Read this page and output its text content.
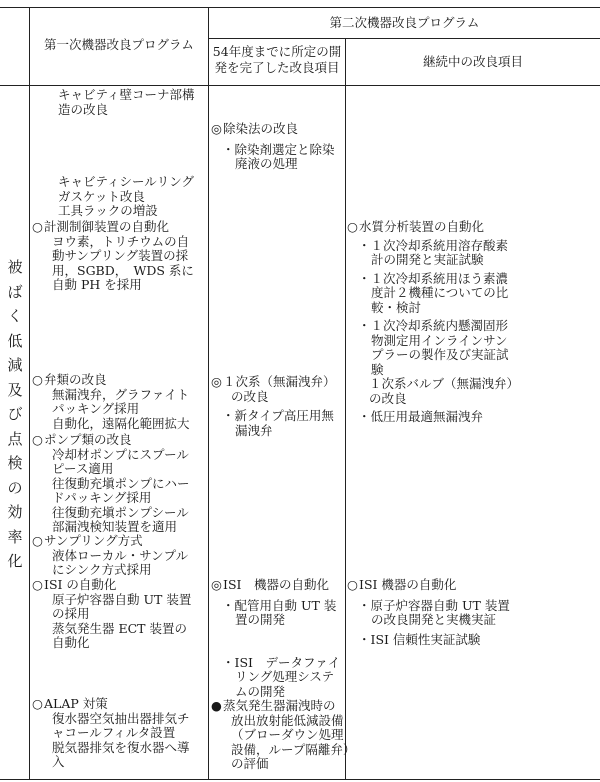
第一次機器改良プログラム
第二次機器改良プログラム
54年度までに所定の開
発を完了した改良項目	継続中の改良項目
被
ば
く
低
減
及
び
点
検
の
効
率
化
キャビティ壁コーナ部構
造の改良
キャビティシールリング
ガスケット改良
工具ラックの増設
○計測制御装置の自動化
ヨウ素，トリチウムの自
動サンプリング装置の採
用，SGBD，　WDS 系に
自動 PH を採用
○弁類の改良
無漏洩弁，グラファイト
パッキング採用
自動化，遠隔化範囲拡大
○ポンプ類の改良
冷却材ポンプにスプール
ピース適用
往復動充塡ポンプにハー
ドパッキング採用
往復動充塡ポンプシール
部漏洩検知装置を適用
○サンプリング方式
液体ローカル・サンプル
にシンク方式採用
○ISI の自動化
原子炉容器自動 UT 装置
の採用
蒸気発生器 ECT 装置の
自動化
○ALAP 対策
復水器空気抽出器排気チ
ャコールフィルタ設置
脱気器排気を復水器へ導
入
◎除染法の改良
・除染剤選定と除染
廃液の処理
◎１次系（無漏洩弁）
の改良
・新タイプ高圧用無
漏洩弁
◎ISI　機器の自動化
・配管用自動 UT 装
置の開発
・ISI　データファイ
リング処理システ
ムの開発
●蒸気発生器漏洩時の
放出放射能低減設備
（ブローダウン処理
設備，ループ隔離弁）
の評価
○水質分析装置の自動化
・１次冷却系統用溶存酸素
計の開発と実証試験
・１次冷却系統用ほう素濃
度計２機種についての比
較・検討
・１次冷却系統内懸濁固形
物測定用インラインサン
プラーの製作及び実証試
験
１次系バルブ（無漏洩弁）
の改良
・低圧用最適無漏洩弁
○ISI 機器の自動化
・原子炉容器自動 UT 装置
の改良開発と実機実証
・ISI 信頼性実証試験
